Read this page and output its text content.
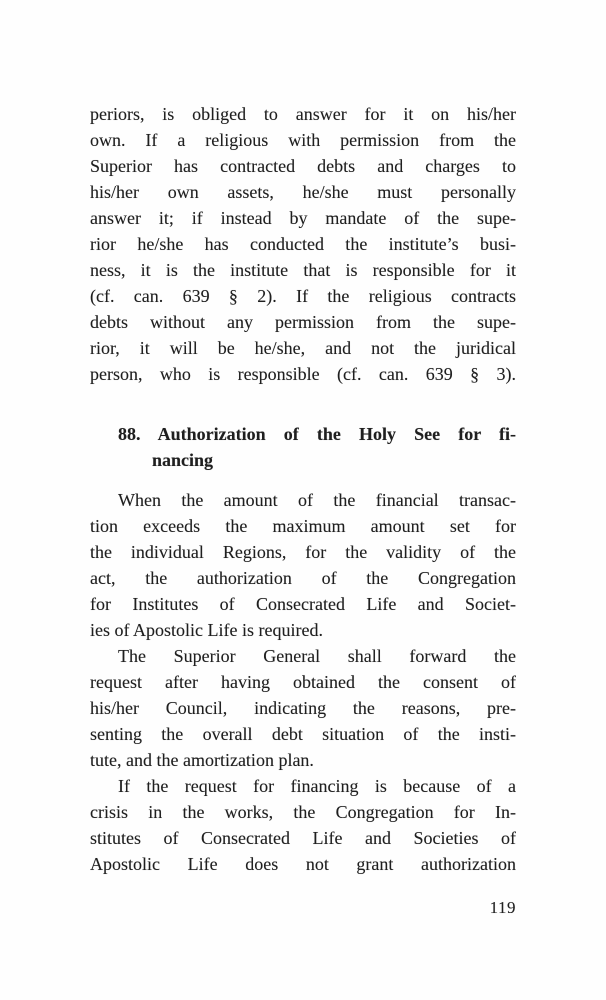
periors, is obliged to answer for it on his/her
own. If a religious with permission from the
Superior has contracted debts and charges to
his/her own assets, he/she must personally
answer it; if instead by mandate of the supe-
rior he/she has conducted the institute’s busi-
ness, it is the institute that is responsible for it
(cf. can. 639 § 2). If the religious contracts
debts without any permission from the supe-
rior, it will be he/she, and not the juridical
person, who is responsible (cf. can. 639 § 3).
88. Authorization of the Holy See for fi-
nancing
When the amount of the financial transac-
tion exceeds the maximum amount set for
the individual Regions, for the validity of the
act, the authorization of the Congregation
for Institutes of Consecrated Life and Societ-
ies of Apostolic Life is required.
The Superior General shall forward the
request after having obtained the consent of
his/her Council, indicating the reasons, pre-
senting the overall debt situation of the insti-
tute, and the amortization plan.
If the request for financing is because of a
crisis in the works, the Congregation for In-
stitutes of Consecrated Life and Societies of
Apostolic Life does not grant authorization
119
